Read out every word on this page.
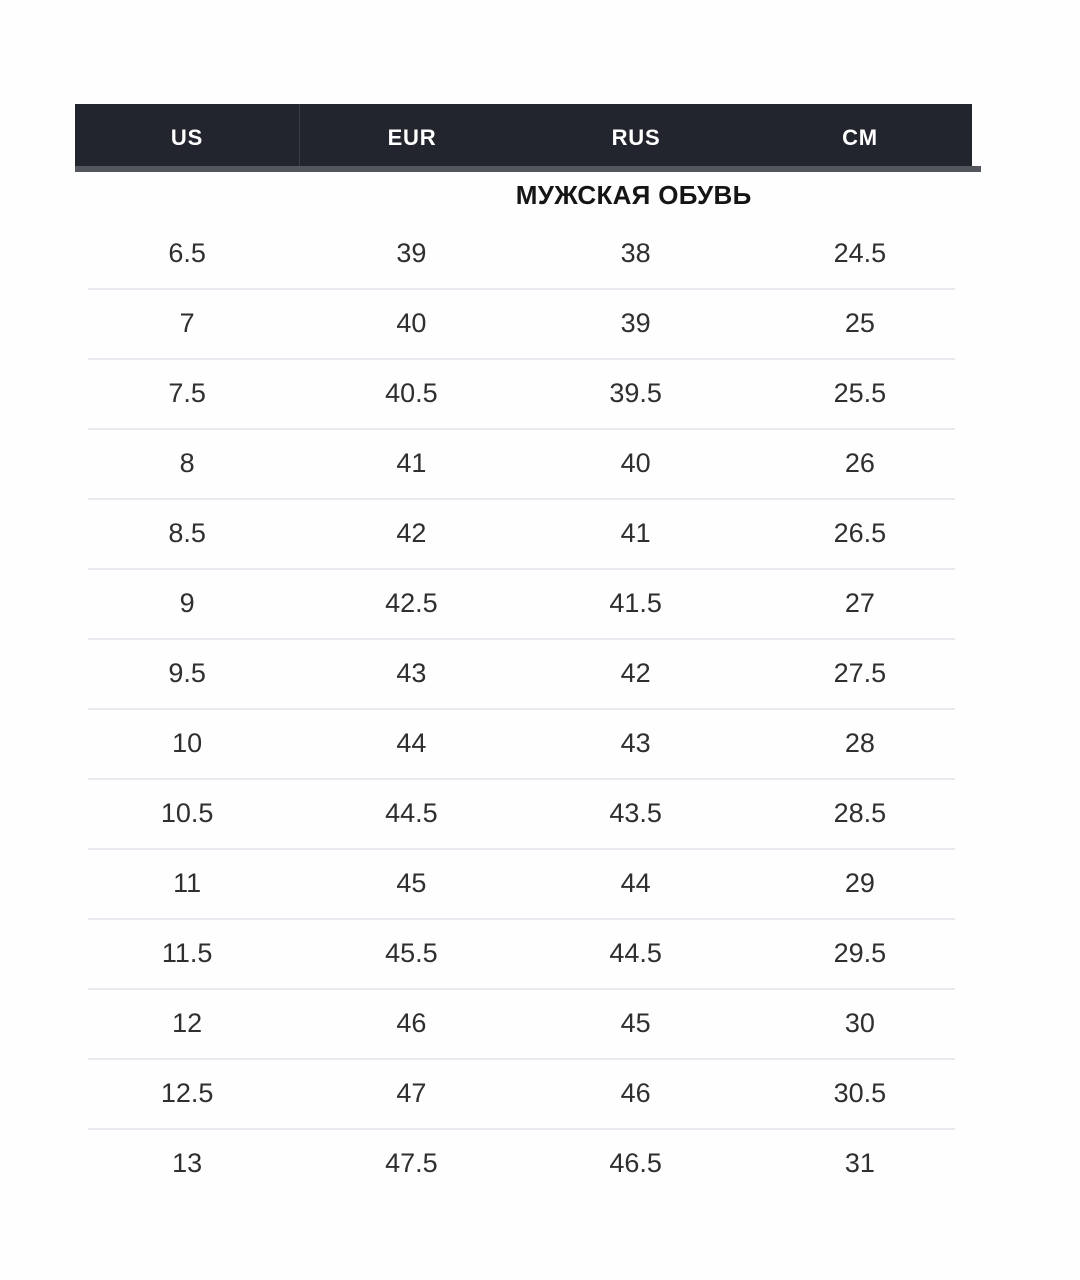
US	EUR	RUS	CM
МУЖСКАЯ ОБУВЬ
6.5	39	38	24.5
7	40	39	25
7.5	40.5	39.5	25.5
8	41	40	26
8.5	42	41	26.5
9	42.5	41.5	27
9.5	43	42	27.5
10	44	43	28
10.5	44.5	43.5	28.5
11	45	44	29
11.5	45.5	44.5	29.5
12	46	45	30
12.5	47	46	30.5
13	47.5	46.5	31
